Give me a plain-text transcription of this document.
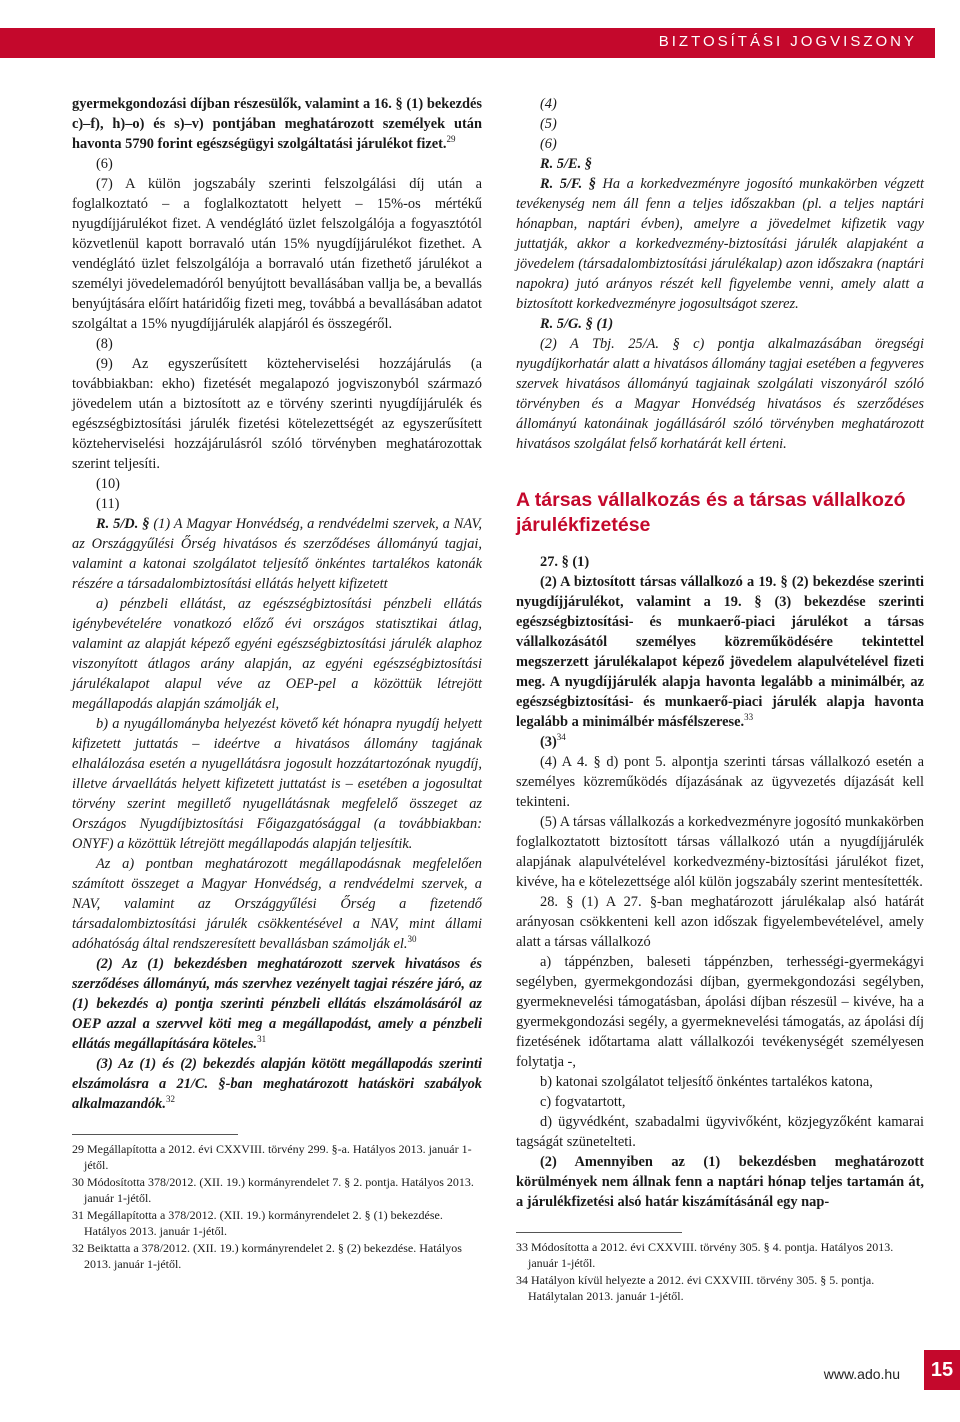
BIZTOSÍTÁSI JOGVISZONY

gyermekgondozási díjban részesülők, valamint a 16. § (1) bekezdés c)–f), h)–o) és s)–v) pontjában meghatározott személyek után havonta 5790 forint egészségügyi szolgáltatási járulékot fizet.$^{29}$

(6)

(7) A külön jogszabály szerinti felszolgálási díj után a foglalkoztató – a foglalkoztatott helyett – 15%-os mértékű nyugdíjjárulékot fizet. A vendéglátó üzlet felszolgálója a fogyasztótól közvetlenül kapott borravaló után 15% nyugdíjjárulékot fizethet. A vendéglátó üzlet felszolgálója a borravaló után fizethető járulékot a személyi jövedelemadóról benyújtott bevallásában vallja be, a bevallás benyújtására előírt határidőig fizeti meg, továbbá a bevallásában adatot szolgáltat a 15% nyugdíjjárulék alapjáról és összegéről.

(8)

(9) Az egyszerűsített közteherviselési hozzájárulás (a továbbiakban: ekho) fizetését megalapozó jogviszonyból származó jövedelem után a biztosított az e törvény szerinti nyugdíjjárulék és egészségbiztosítási járulék fizetési kötelezettségét az egyszerűsített közteherviselési hozzájárulásról szóló törvényben meghatározottak szerint teljesíti.

(10)

(11)

R. 5/D. § (1) A Magyar Honvédség, a rendvédelmi szervek, a NAV, az Országgyűlési Őrség hivatásos és szerződéses állományú tagjai, valamint a katonai szolgálatot teljesítő önkéntes tartalékos katonák részére a társadalombiztosítási ellátás helyett kifizetett

a) pénzbeli ellátást, az egészségbiztosítási pénzbeli ellátás igénybevételére vonatkozó előző évi országos statisztikai átlag, valamint az alapját képező egyéni egészségbiztosítási járulék alaphoz viszonyított átlagos arány alapján, az egyéni egészségbiztosítási járulékalapot alapul véve az OEP-pel a közöttük létrejött megállapodás alapján számolják el,

b) a nyugállományba helyezést követő két hónapra nyugdíj helyett kifizetett juttatás – ideértve a hivatásos állomány tagjának elhalálozása esetén a nyugellátásra jogosult hozzátartozónak nyugdíj, illetve árvaellátás helyett kifizetett juttatást is – esetében a jogosultat törvény szerint megillető nyugellátásnak megfelelő összeget az Országos Nyugdíjbiztosítási Főigazgatósággal (a továbbiakban: ONYF) a közöttük létrejött megállapodás alapján teljesítik.

Az a) pontban meghatározott megállapodásnak megfelelően számított összeget a Magyar Honvédség, a rendvédelmi szervek, a NAV, valamint az Országgyűlési Őrség a fizetendő társadalombiztosítási járulék csökkentésével a NAV, mint állami adóhatóság által rendszeresített bevallásban számolják el.$^{30}$

(2) Az (1) bekezdésben meghatározott szervek hivatásos és szerződéses állományú, más szervhez vezényelt tagjai részére járó, az (1) bekezdés a) pontja szerinti pénzbeli ellátás elszámolásáról az OEP azzal a szervvel köti meg a megállapodást, amely a pénzbeli ellátás megállapítására köteles.$^{31}$

(3) Az (1) és (2) bekezdés alapján kötött megállapodás szerinti elszámolásra a 21/C. §-ban meghatározott hatásköri szabályok alkalmazandók.$^{32}$

29 Megállapította a 2012. évi CXXVIII. törvény 299. §-a. Hatályos 2013. január 1-jétől.

30 Módosította 378/2012. (XII. 19.) kormányrendelet 7. § 2. pontja. Hatályos 2013. január 1-jétől.

31 Megállapította a 378/2012. (XII. 19.) kormányrendelet 2. § (1) bekezdése. Hatályos 2013. január 1-jétől.

32 Beiktatta a 378/2012. (XII. 19.) kormányrendelet 2. § (2) bekezdése. Hatályos 2013. január 1-jétől.

(4)

(5)

(6)

R. 5/E. §

R. 5/F. § Ha a korkedvezményre jogosító munkakörben végzett tevékenység nem áll fenn a teljes időszakban (pl. a teljes naptári hónapban, naptári évben), amelyre a jövedelmet kifizetik vagy juttatják, akkor a korkedvezmény-biztosítási járulék alapjaként a jövedelem (társadalombiztosítási járulékalap) azon időszakra (naptári napokra) jutó arányos részét kell figyelembe venni, amely alatt a biztosított korkedvezményre jogosultságot szerez.

R. 5/G. § (1)

(2) A Tbj. 25/A. § c) pontja alkalmazásában öregségi nyugdíjkorhatár alatt a hivatásos állomány tagjai esetében a fegyveres szervek hivatásos állományú tagjainak szolgálati viszonyáról szóló törvényben és a Magyar Honvédség hivatásos és szerződéses állományú katonáinak jogállásáról szóló törvényben meghatározott hivatásos szolgálat felső korhatárát kell érteni.

A társas vállalkozás és a társas vállalkozó járulékfizetése

27. § (1)

(2) A biztosított társas vállalkozó a 19. § (2) bekezdése szerinti nyugdíjjárulékot, valamint a 19. § (3) bekezdése szerinti egészségbiztosítási- és munkaerő-piaci járulékot a társas vállalkozásától személyes közreműködésére tekintettel megszerzett járulékalapot képező jövedelem alapulvételével fizeti meg. A nyugdíjjárulék alapja havonta legalább a minimálbér, az egészségbiztosítási- és munkaerő-piaci járulék alapja havonta legalább a minimálbér másfélszerese.$^{33}$

$(3)^{34}$

(4) A 4. § d) pont 5. alpontja szerinti társas vállalkozó esetén a személyes közreműködés díjazásának az ügyvezetés díjazását kell tekinteni.

(5) A társas vállalkozás a korkedvezményre jogosító munkakörben foglalkoztatott biztosított társas vállalkozó után a nyugdíjjárulék alapjának alapulvételével korkedvezmény-biztosítási járulékot fizet, kivéve, ha e kötelezettsége alól külön jogszabály szerint mentesítették.

28. § (1) A 27. §-ban meghatározott járulékalap alsó határát arányosan csökkenteni kell azon időszak figyelembevételével, amely alatt a társas vállalkozó

a) táppénzben, baleseti táppénzben, terhességi-gyermekágyi segélyben, gyermekgondozási díjban, gyermekgondozási segélyben, gyermeknevelési támogatásban, ápolási díjban részesül – kivéve, ha a gyermekgondozási segély, a gyermeknevelési támogatás, az ápolási díj fizetésének időtartama alatt vállalkozói tevékenységét személyesen folytatja -,

b) katonai szolgálatot teljesítő önkéntes tartalékos katona,

c) fogvatartott,

d) ügyvédként, szabadalmi ügyvivőként, közjegyzőként kamarai tagságát szünetelteti.

(2) Amennyiben az (1) bekezdésben meghatározott körülmények nem állnak fenn a naptári hónap teljes tartamán át, a járulékfizetési alsó határ kiszámításánál egy nap-

33 Módosította a 2012. évi CXXVIII. törvény 305. § 4. pontja. Hatályos 2013. január 1-jétől.

34 Hatályon kívül helyezte a 2012. évi CXXVIII. törvény 305. § 5. pontja. Hatálytalan 2013. január 1-jétől.

www.ado.hu	15
